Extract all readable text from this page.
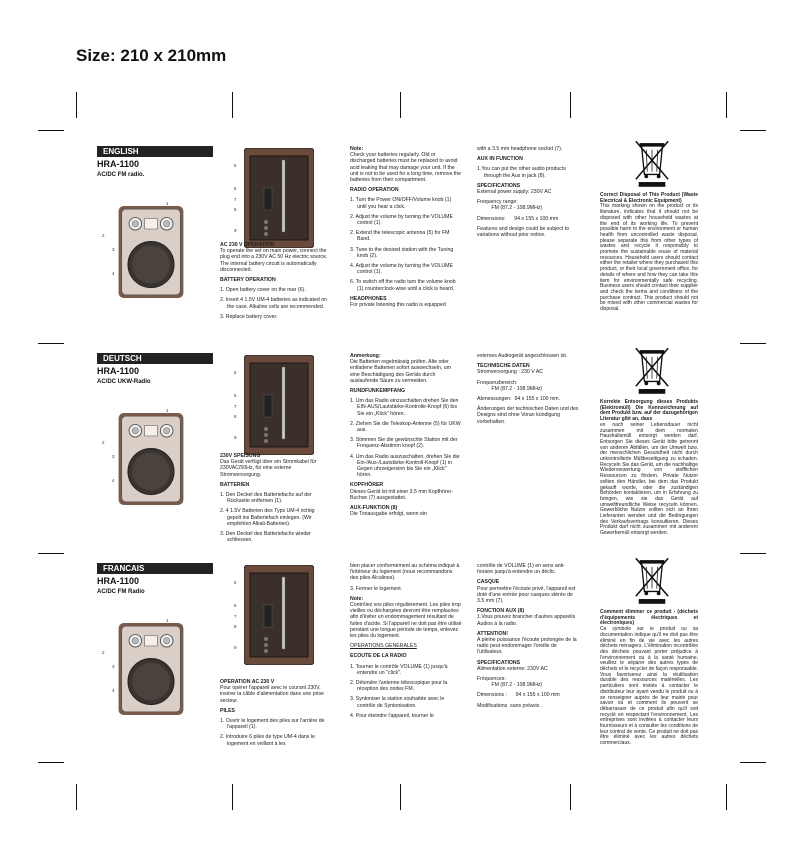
Size: 210 x 210mm
ENGLISH
HRA-1100
AC/DC FM radio.
1
2
3
4
5
6
7
8
9

AC 230 V OPERATION
To operate the set on main power, connect the plug end into a 230V AC 50 Hz electric source. The internal battery circuit is automatically disconnected.

BATTERY OPERATION

1. Open battery cover on the rear (6).

2. Insert 4 1.5V UM-4 batteries as indicated on the case. Alkaline cells are recommended.

3. Replace battery cover.

Note:
Check your batteries regularly. Old or discharged batteries must be replaced to avoid acid leaking that may damage your unit. If the unit is not to be used for a long time, remove the batteries from their compartment.

RADIO OPERATION

1. Turn the Power ON/OFF/Volume knob (1) until you hear a click.

2. Adjust the volume by turning the VOLUME control (1).

2. Extend the telescopic antenna (5) for FM Band.

3. Tune to the desired station with the Tuning knob (2).

4. Adjust the volume by turning the VOLUME control (1).

6. To switch off the radio turn the volume knob (1) counterclock-wise until a click is heard.

HEADPHONES
For private listening this radio is equipped

with a 3.5 mm headphone socket (7).

AUX IN FUNCTION

1.You can put the other audio products through the Aux in jack (8).

SPECIFICATIONS
External power supply: 230V AC

Frequency range:
FM (87.2 - 108.9MHz)

Dimensions:      94 x 155 x 100 mm

Features and design could be subject to variations without prior notice.

Correct Disposal of This Product (Waste Electrical & Electronic Equipment)
This marking shown on the product or its literature, indicates that it should not be disposed with other household wastes at the end of its working life. To prevent possible harm to the environment or human health from uncontrolled waste disposal, please separate this from other types of wastes and recycle it responsibly to promote the sustainable reuse of material resources. Household users should contact either the retailer where they purchased this product, or their local government office, for details of where and how they can take this item for environmentally safe recycling. Business users should contact their supplier and check the terms and conditions of the purchase contract. This product should not be mixed with other commercial wastes for disposal.
DEUTSCH
HRA-1100
AC/DC UKW-Radio
1
2
3
4
5
6
7
8
9

230V SPEISUNG
Das Gerät verfügt über ein Stromkabel für 230VAC/50Hz, für eine externe Stromversorgung.

BATTERIEN

1. Den Deckel des Batteriefachs auf der Rückseite entfernen (1).

2. 4 1.5V Batterien des Typs UM-4 richtig gepolt ins Batteriefach einlegen. (Wir empfehlen Alkali-Batterien).

3. Den Deckel des Batteriefachs wieder schliessen.

Anmerkung:
Die Batterien regelmässig prüfen. Alte oder entladene Batterien sofort auswechseln, um eine Beschädigung des Geräts durch auslaufende Säure zu vermeiden.

RUNDFUNKEMPFANG

1. Um das Radio einzuschalten drehen Sie den EIN-AUS/Lautstärke-Kontrolle-Knopf (6) bis Sie ein „Klick" hören.

2. Ziehen Sie die Teleskop-Antenne (5) für UKW aus.

3. Stimmen Sie die gewünschte Station mit der Frequenz-Abstimm knopf (2).

4. Um das Radio auszuschalten, drehen Sie die Ein-/Aus-/Lautstärke-Kontroll-Knopf (1) in Gegen uhrzeigersinn bis Sie ein „Klick" hören.

KOPFHÖRER
Dieses Gerät ist mit einer 3.5 mm Kopfhörer-Buchse (7) ausgestattet.

AUX-FUNKTION (8)
Die Tonausgabe erfolgt, wenn ein

externes Audiogerät angeschlossen ist.

TECHNISCHE DATEN
Stromversorgung : 230 V AC

Frequenzbereich:
FM (87.2 - 108.9MHz)

Abmessungen:  94 x 155 x 100 mm.

Änderungen der technischen Daten und des Designs sind ohne Voran kündigung vorbehalten.

Korrekte Entsorgung dieses Produkts (Elektromüll) Die Kennzeichnung auf dem Produkt bzw. auf der dazugehörigen Literatur gibt an, dass
es nach seiner Lebensdauer nicht zusammen mit dem normalen Haushaltsmüll entsorgt werden darf. Entsorgen Sie dieses Gerät bitte getrennt von anderen Abfällen, um der Umwelt bzw. der menschlichen Gesundheit nicht durch unkontrollierte Müllbeseitigung zu schaden. Recyceln Sie das Gerät, um die nachhaltige Wiederverwertung von stofflichen Ressourcen zu fördern. Private Nutzer sollten den Händler, bei dem das Produkt gekauft wurde, oder die zuständigen Behörden kontaktieren, um in Erfahrung zu bringen, wie sie das Gerät auf umweltfreundliche Weise recyceln können. Gewerbliche Nutzer sollten sich an Ihren Lieferanten wenden und die Bedingungen des Verkaufsvertrags konsultieren. Dieses Produkt darf nicht zusammen mit anderem Gewerbemüll entsorgt werden.
FRANCAIS
HRA-1100
AC/DC FM Radio
1
2
3
4
5
6
7
8
9

OPERATION AC 230 V
Pour opérer l'appareil avec le courant 230V, insérer la câble d'alimentation dans une prise secteur.

PILES

1. Ouvrir le logement des piles sur l'arrière de l'appareil (1).

2. Introduire 6 piles de type UM-4 dans le logement en veillant à les

bien placer conformément au schéma indiqué à l'intérieur du logement (nous recommandons des piles Alcalines).

3. Fermer le logement.

Note:
Contrôlez vos piles régulièrement. Les piles trop vieilles ou déchargées devront être remplacées afin d'éviter un endommagement résultant de fuites d'acide. Si l'appareil ne doit pas être utilisé pendant une longue période de temps, enlevez les piles du logement.

OPERATIONS GENERALES

ECOUTE DE LA RADIO

1. Tourner le contrôle VOLUME (1) jusqu'à entendre un "click".

2. Détendre l'antenne télescopique pour la réception des ondes FM.

3. Syntoniser la station souhaitée avec le contrôle de Syntonisation.

4. Pour éteindre l'appareil, tourner le

contrôle de VOLUME (1) en sens anti-horaire jusqu'à entendre un déclic.

CASQUE
Pour permettre l'écoute privé, l'appareil est doté d'une entrée pour casques stéréo de 3.5 mm (7).

FONCTION AUX (8)
1.Vous pouvez brancher d'autres appareils Audios à la radio.

ATTENTION!
A pleine puissance l'écoute prolongée de la radio peut endommager l'oreille de l'utilisateur.

SPECIFICATIONS
Alimentation externe: 230V AC

Fréquences:
FM (87.2 - 108.9MHz)

Dimensions :      94 x 155 x 100 mm

Modifications  sans préavis .

Comment éliminer ce produit - (déchets d'équipements électriques et électroniques)
Ce symbole sur le produit ou sa documentation indique qu'il ne doit pas être éliminé en fin de vie avec les autres déchets ménagers. L'élimination incontrôlée des déchets pouvant porter préjudice à l'environnement ou à la santé humaine, veuillez le séparer des autres types de déchets et le recycler de façon responsable. Vous favoriserez ainsi la réutilisation durable des ressources matérielles. Les particuliers sont invités à contacter le distributeur leur ayant vendu le produit ou à se renseigner auprès de leur mairie pour savoir où et comment ils peuvent se débarrasser de ce produit afin qu'il soit recyclé en respectant l'environnement. Les entreprises sont invitées à contacter leurs fournisseurs et à consulter les conditions de leur contrat de vente. Ce produit ne doit pas être éliminé avec les autres déchets commerciaux.
